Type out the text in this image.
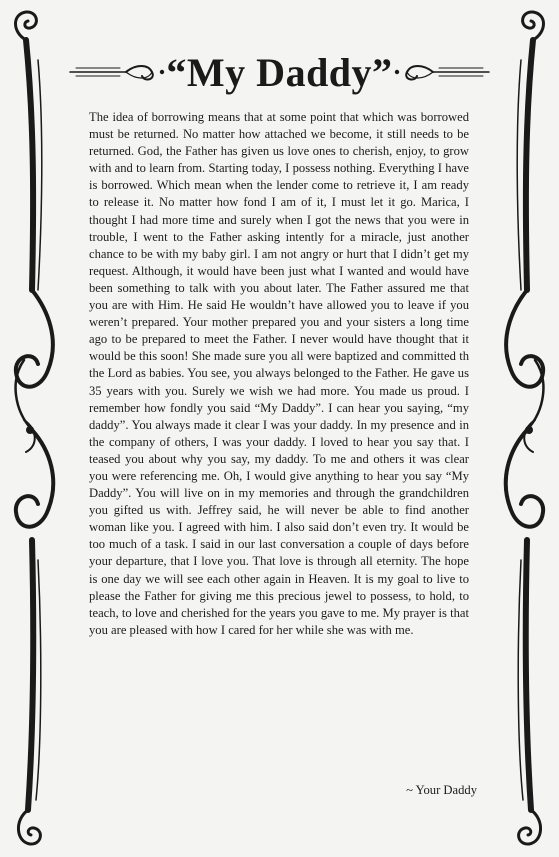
“My Daddy”
The idea of borrowing means that at some point that which was borrowed must be returned. No matter how attached we become, it still needs to be returned. God, the Father has given us love ones to cherish, enjoy, to grow with and to learn from. Starting today, I possess nothing. Everything I have is borrowed. Which mean when the lender come to retrieve it, I am ready to release it. No matter how fond I am of it, I must let it go. Marica, I thought I had more time and surely when I got the news that you were in trouble, I went to the Father asking intently for a miracle, just another chance to be with my baby girl. I am not angry or hurt that I didn’t get my request. Although, it would have been just what I wanted and would have been something to talk with you about later. The Father assured me that you are with Him. He said He wouldn’t have allowed you to leave if you weren’t prepared. Your mother prepared you and your sisters a long time ago to be prepared to meet the Father. I never would have thought that it would be this soon! She made sure you all were baptized and committed th the Lord as babies. You see, you always belonged to the Father. He gave us 35 years with you. Surely we wish we had more. You made us proud. I remember how fondly you said “My Daddy”. I can hear you saying, “my daddy”. You always made it clear I was your daddy. In my presence and in the company of others, I was your daddy. I loved to hear you say that. I teased you about why you say, my daddy. To me and others it was clear you were referencing me. Oh, I would give anything to hear you say “My Daddy”. You will live on in my memories and through the grandchildren you gifted us with. Jeffrey said, he will never be able to find another woman like you. I agreed with him. I also said don’t even try. It would be too much of a task. I said in our last conversation a couple of days before your departure, that I love you. That love is through all eternity. The hope is one day we will see each other again in Heaven. It is my goal to live to please the Father for giving me this precious jewel to possess, to hold, to teach, to love and cherished for the years you gave to me. My prayer is that you are pleased with how I cared for her while she was with me.
~ Your Daddy
